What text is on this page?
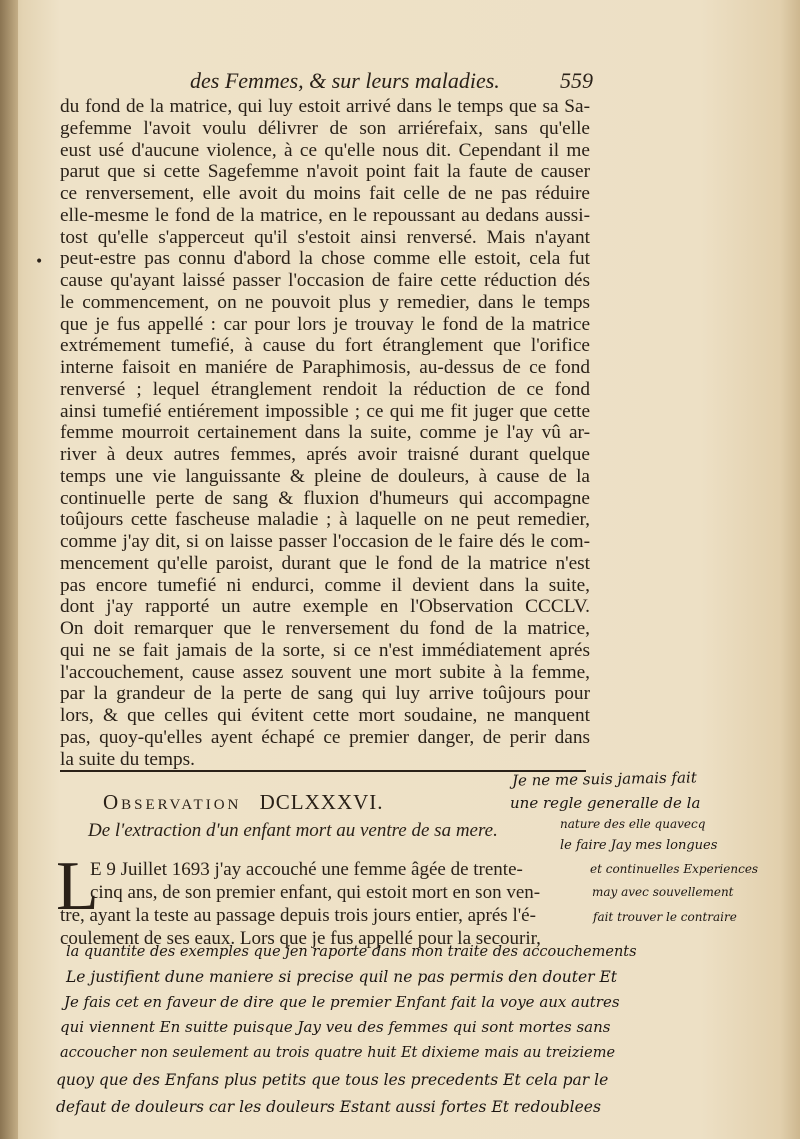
des Femmes, & sur leurs maladies.	559
•
du fond de la matrice, qui luy estoit arrivé dans le temps que sa Sa-
gefemme l'avoit voulu délivrer de son arriérefaix, sans qu'elle
eust usé d'aucune violence, à ce qu'elle nous dit. Cependant il me
parut que si cette Sagefemme n'avoit point fait la faute de causer
ce renversement, elle avoit du moins fait celle de ne pas réduire
elle-mesme le fond de la matrice, en le repoussant au dedans aussi-
tost qu'elle s'apperceut qu'il s'estoit ainsi renversé. Mais n'ayant
peut-estre pas connu d'abord la chose comme elle estoit, cela fut
cause qu'ayant laissé passer l'occasion de faire cette réduction dés
le commencement, on ne pouvoit plus y remedier, dans le temps
que je fus appellé : car pour lors je trouvay le fond de la matrice
extrémement tumefié, à cause du fort étranglement que l'orifice
interne faisoit en maniére de Paraphimosis, au-dessus de ce fond
renversé ; lequel étranglement rendoit la réduction de ce fond
ainsi tumefié entiérement impossible ; ce qui me fit juger que cette
femme mourroit certainement dans la suite, comme je l'ay vû ar-
river à deux autres femmes, aprés avoir traisné durant quelque
temps une vie languissante & pleine de douleurs, à cause de la
continuelle perte de sang & fluxion d'humeurs qui accompagne
toûjours cette fascheuse maladie ; à laquelle on ne peut remedier,
comme j'ay dit, si on laisse passer l'occasion de le faire dés le com-
mencement qu'elle paroist, durant que le fond de la matrice n'est
pas encore tumefié ni endurci, comme il devient dans la suite,
dont j'ay rapporté un autre exemple en l'Observation CCCLV.
On doit remarquer que le renversement du fond de la matrice,
qui ne se fait jamais de la sorte, si ce n'est immédiatement aprés
l'accouchement, cause assez souvent une mort subite à la femme,
par la grandeur de la perte de sang qui luy arrive toûjours pour
lors, & que celles qui évitent cette mort soudaine, ne manquent
pas, quoy-qu'elles ayent échapé ce premier danger, de perir dans
la suite du temps.
Observation DCLXXXVI.
De l'extraction d'un enfant mort au ventre de sa mere.
L
E 9 Juillet 1693 j'ay accouché une femme âgée de trente-
cinq ans, de son premier enfant, qui estoit mort en son ven-
tre, ayant la teste au passage depuis trois jours entier, aprés l'é-
coulement de ses eaux. Lors que je fus appellé pour la secourir,
Je ne me suis jamais fait
une regle generalle de la
nature des elle quavecq
le faire Jay mes longues
et continuelles Experiences
may avec souvellement
fait trouver le contraire
la quantite des exemples que jen raporte dans mon traite des accouchements
Le justifient dune maniere si precise quil ne pas permis den douter Et
Je fais cet en faveur de dire que le premier Enfant fait la voye aux autres
qui viennent En suitte puisque Jay veu des femmes qui sont mortes sans
accoucher non seulement au trois quatre huit Et dixieme mais au treizieme
quoy que des Enfans plus petits que tous les precedents Et cela par le
defaut de douleurs car les douleurs Estant aussi fortes Et redoublees
